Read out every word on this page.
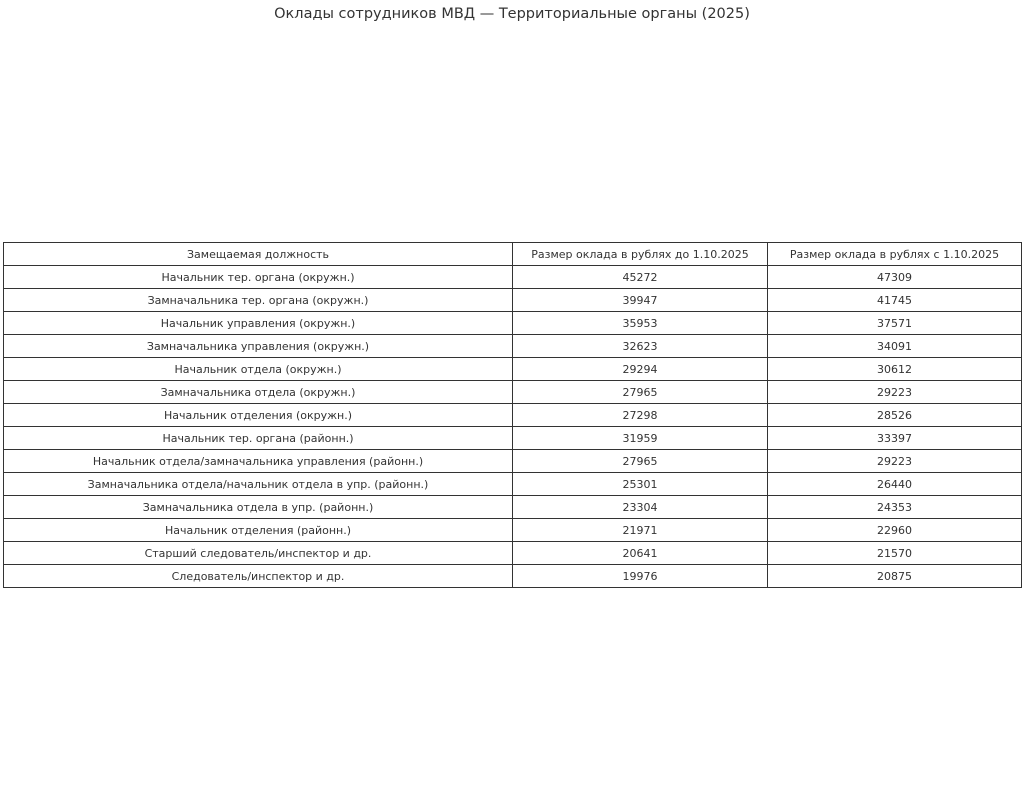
Оклады сотрудников МВД — Территориальные органы (2025)
Замещаемая должность	Размер оклада в рублях до 1.10.2025	Размер оклада в рублях с 1.10.2025
Начальник тер. органа (окружн.)	45272	47309
Замначальника тер. органа (окружн.)	39947	41745
Начальник управления (окружн.)	35953	37571
Замначальника управления (окружн.)	32623	34091
Начальник отдела (окружн.)	29294	30612
Замначальника отдела (окружн.)	27965	29223
Начальник отделения (окружн.)	27298	28526
Начальник тер. органа (районн.)	31959	33397
Начальник отдела/замначальника управления (районн.)	27965	29223
Замначальника отдела/начальник отдела в упр. (районн.)	25301	26440
Замначальника отдела в упр. (районн.)	23304	24353
Начальник отделения (районн.)	21971	22960
Старший следователь/инспектор и др.	20641	21570
Следователь/инспектор и др.	19976	20875
